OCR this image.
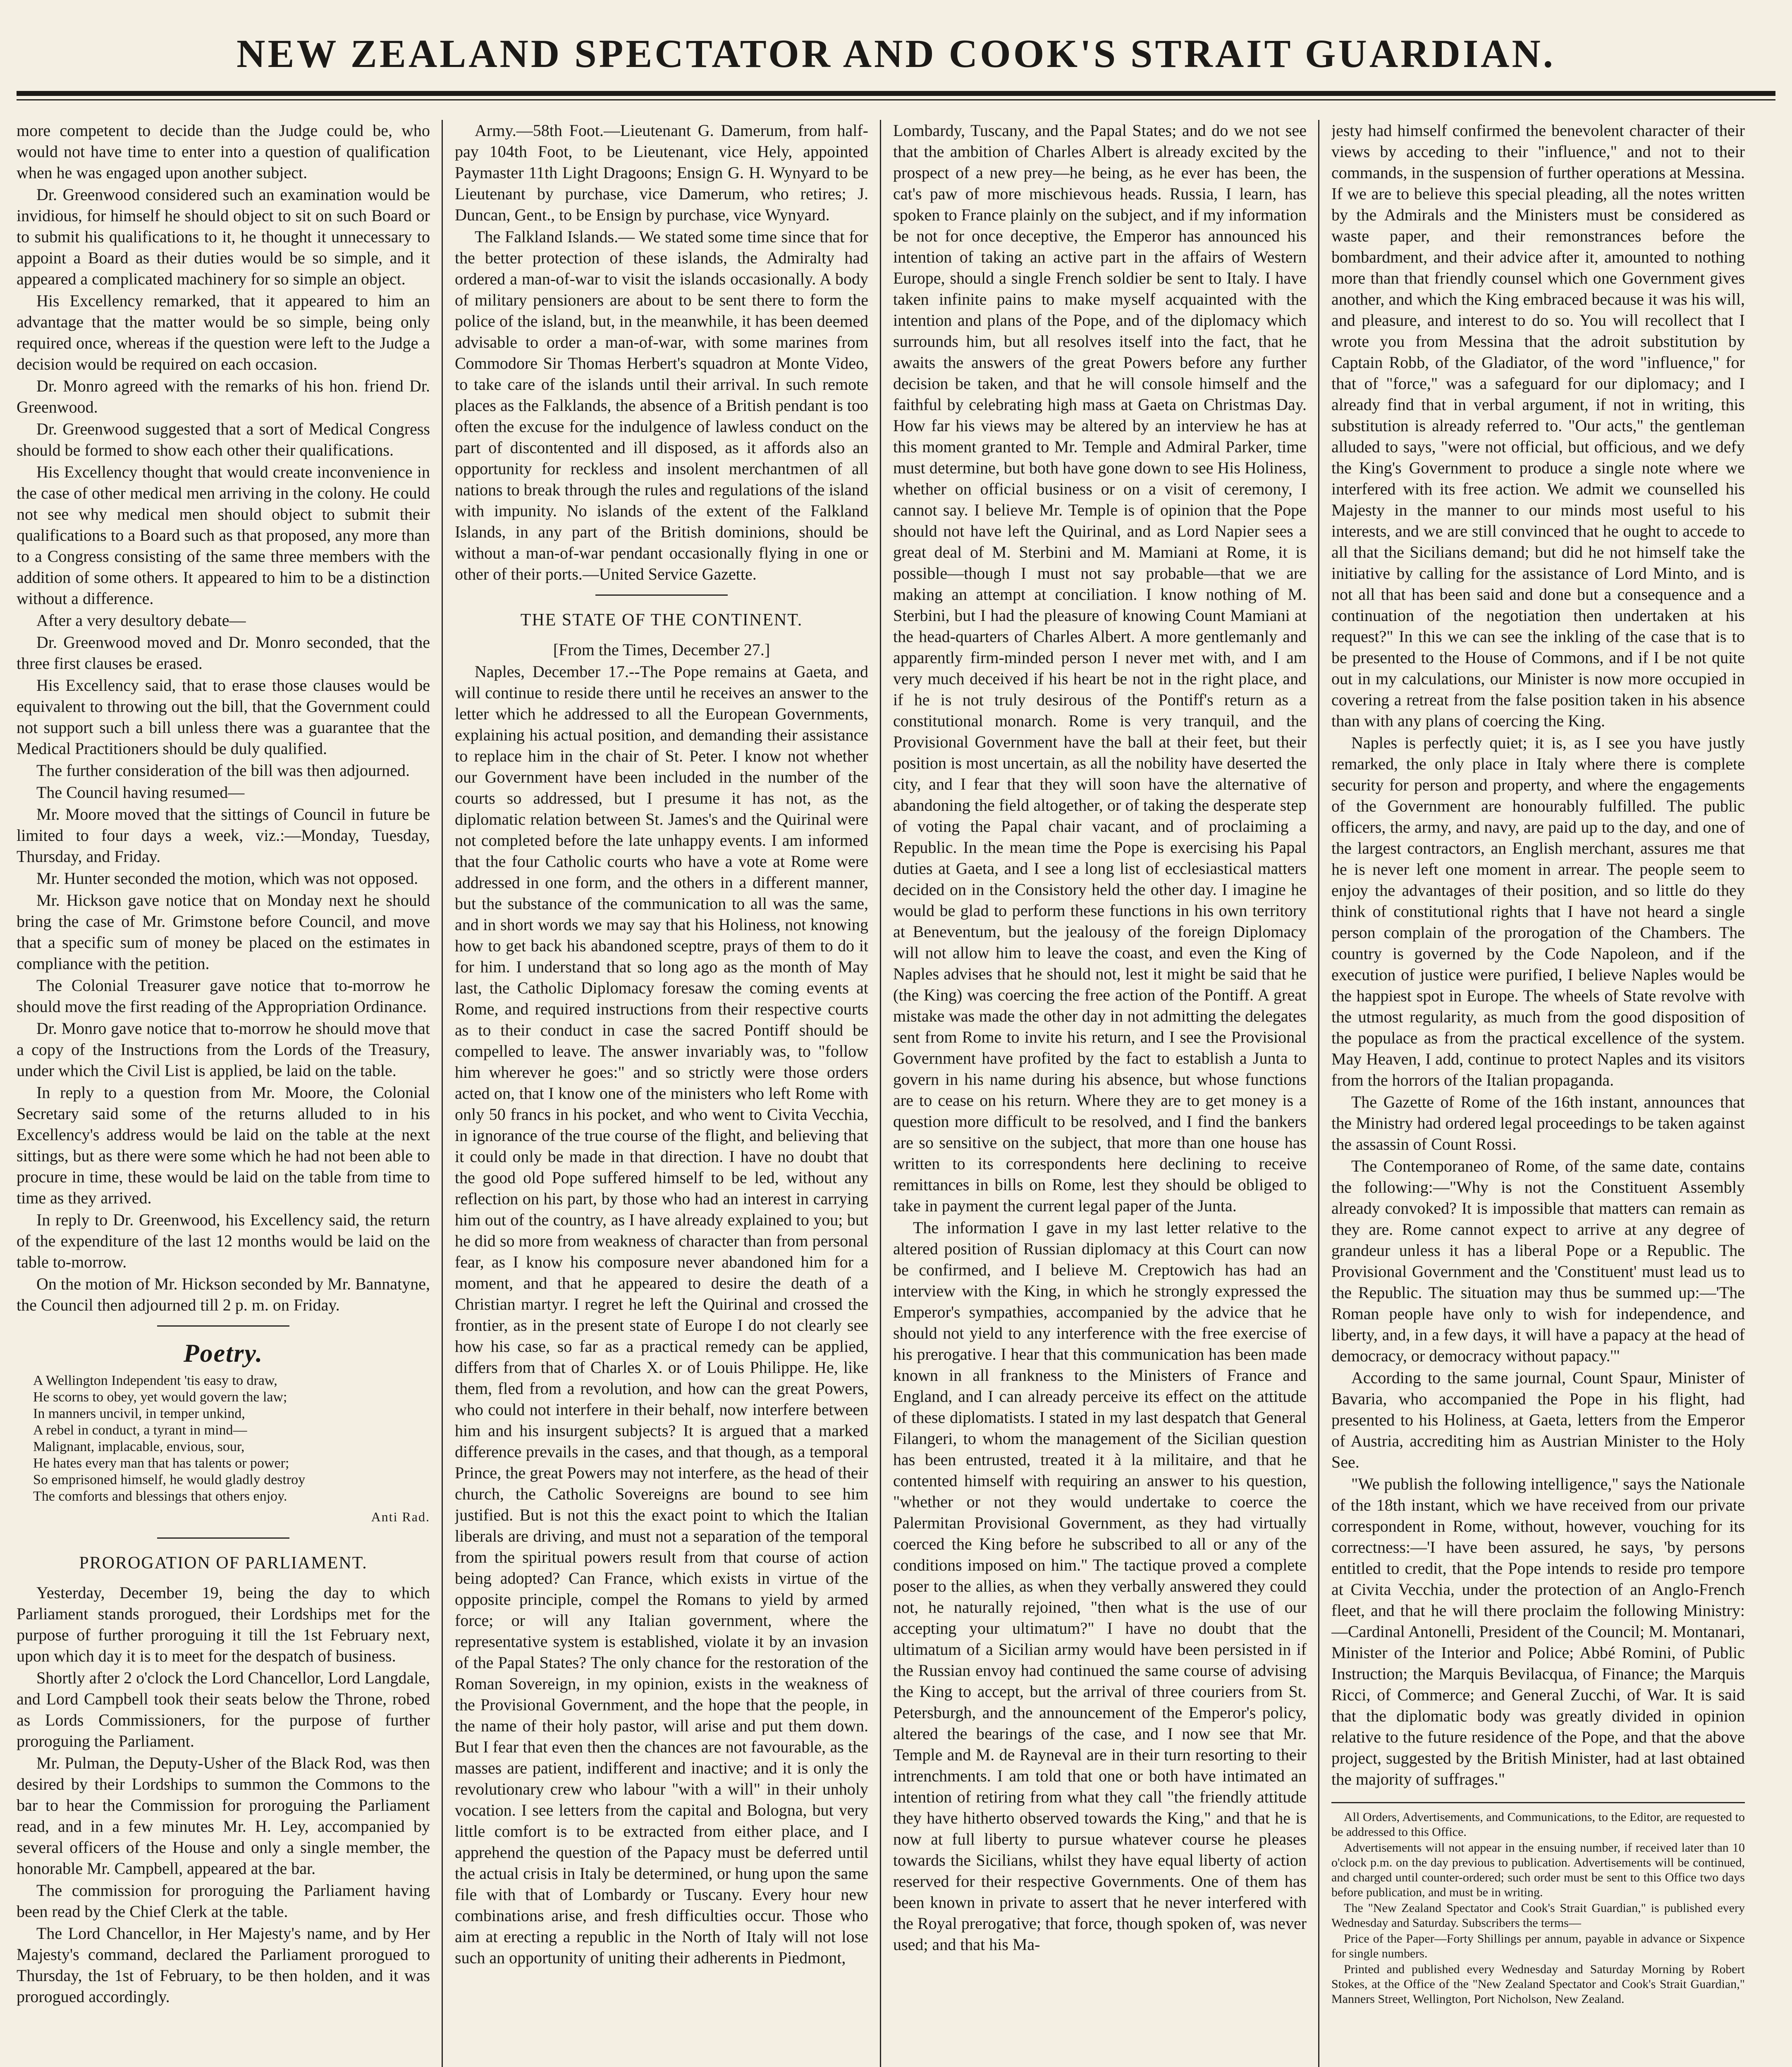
NEW ZEALAND SPECTATOR AND COOK'S STRAIT GUARDIAN.

more competent to decide than the Judge could be, who would not have time to enter into a question of qualification when he was engaged upon another subject.

Dr. Greenwood considered such an examination would be invidious, for himself he should object to sit on such Board or to submit his qualifications to it, he thought it unnecessary to appoint a Board as their duties would be so simple, and it appeared a complicated machinery for so simple an object.

His Excellency remarked, that it appeared to him an advantage that the matter would be so simple, being only required once, whereas if the question were left to the Judge a decision would be required on each occasion.

Dr. Monro agreed with the remarks of his hon. friend Dr. Greenwood.

Dr. Greenwood suggested that a sort of Medical Congress should be formed to show each other their qualifications.

His Excellency thought that would create inconvenience in the case of other medical men arriving in the colony. He could not see why medical men should object to submit their qualifications to a Board such as that proposed, any more than to a Congress consisting of the same three members with the addition of some others. It appeared to him to be a distinction without a difference.

After a very desultory debate—

Dr. Greenwood moved and Dr. Monro seconded, that the three first clauses be erased.

His Excellency said, that to erase those clauses would be equivalent to throwing out the bill, that the Government could not support such a bill unless there was a guarantee that the Medical Practitioners should be duly qualified.

The further consideration of the bill was then adjourned.

The Council having resumed—

Mr. Moore moved that the sittings of Council in future be limited to four days a week, viz.:—Monday, Tuesday, Thursday, and Friday.

Mr. Hunter seconded the motion, which was not opposed.

Mr. Hickson gave notice that on Monday next he should bring the case of Mr. Grimstone before Council, and move that a specific sum of money be placed on the estimates in compliance with the petition.

The Colonial Treasurer gave notice that to-morrow he should move the first reading of the Appropriation Ordinance.

Dr. Monro gave notice that to-morrow he should move that a copy of the Instructions from the Lords of the Treasury, under which the Civil List is applied, be laid on the table.

In reply to a question from Mr. Moore, the Colonial Secretary said some of the returns alluded to in his Excellency's address would be laid on the table at the next sittings, but as there were some which he had not been able to procure in time, these would be laid on the table from time to time as they arrived.

In reply to Dr. Greenwood, his Excellency said, the return of the expenditure of the last 12 months would be laid on the table to-morrow.

On the motion of Mr. Hickson seconded by Mr. Bannatyne, the Council then adjourned till 2 p. m. on Friday.

Poetry.

A Wellington Independent 'tis easy to draw,

He scorns to obey, yet would govern the law;

In manners uncivil, in temper unkind,

A rebel in conduct, a tyrant in mind—

Malignant, implacable, envious, sour,

He hates every man that has talents or power;

So emprisoned himself, he would gladly destroy

The comforts and blessings that others enjoy.

Anti Rad.

PROROGATION OF PARLIAMENT.

Yesterday, December 19, being the day to which Parliament stands prorogued, their Lordships met for the purpose of further proroguing it till the 1st February next, upon which day it is to meet for the despatch of business.

Shortly after 2 o'clock the Lord Chancellor, Lord Langdale, and Lord Campbell took their seats below the Throne, robed as Lords Commissioners, for the purpose of further proroguing the Parliament.

Mr. Pulman, the Deputy-Usher of the Black Rod, was then desired by their Lordships to summon the Commons to the bar to hear the Commission for proroguing the Parliament read, and in a few minutes Mr. H. Ley, accompanied by several officers of the House and only a single member, the honorable Mr. Campbell, appeared at the bar.

The commission for proroguing the Parliament having been read by the Chief Clerk at the table.

The Lord Chancellor, in Her Majesty's name, and by Her Majesty's command, declared the Parliament prorogued to Thursday, the 1st of February, to be then holden, and it was prorogued accordingly.

Army.—58th Foot.—Lieutenant G. Damerum, from half-pay 104th Foot, to be Lieutenant, vice Hely, appointed Paymaster 11th Light Dragoons; Ensign G. H. Wynyard to be Lieutenant by purchase, vice Damerum, who retires; J. Duncan, Gent., to be Ensign by purchase, vice Wynyard.

The Falkland Islands.— We stated some time since that for the better protection of these islands, the Admiralty had ordered a man-of-war to visit the islands occasionally. A body of military pensioners are about to be sent there to form the police of the island, but, in the meanwhile, it has been deemed advisable to order a man-of-war, with some marines from Commodore Sir Thomas Herbert's squadron at Monte Video, to take care of the islands until their arrival. In such remote places as the Falklands, the absence of a British pendant is too often the excuse for the indulgence of lawless conduct on the part of discontented and ill disposed, as it affords also an opportunity for reckless and insolent merchantmen of all nations to break through the rules and regulations of the island with impunity. No islands of the extent of the Falkland Islands, in any part of the British dominions, should be without a man-of-war pendant occasionally flying in one or other of their ports.—United Service Gazette.

THE STATE OF THE CONTINENT.

[From the Times, December 27.]

Naples, December 17.--The Pope remains at Gaeta, and will continue to reside there until he receives an answer to the letter which he addressed to all the European Governments, explaining his actual position, and demanding their assistance to replace him in the chair of St. Peter. I know not whether our Government have been included in the number of the courts so addressed, but I presume it has not, as the diplomatic relation between St. James's and the Quirinal were not completed before the late unhappy events. I am informed that the four Catholic courts who have a vote at Rome were addressed in one form, and the others in a different manner, but the substance of the communication to all was the same, and in short words we may say that his Holiness, not knowing how to get back his abandoned sceptre, prays of them to do it for him. I understand that so long ago as the month of May last, the Catholic Diplomacy foresaw the coming events at Rome, and required instructions from their respective courts as to their conduct in case the sacred Pontiff should be compelled to leave. The answer invariably was, to "follow him wherever he goes:" and so strictly were those orders acted on, that I know one of the ministers who left Rome with only 50 francs in his pocket, and who went to Civita Vecchia, in ignorance of the true course of the flight, and believing that it could only be made in that direction. I have no doubt that the good old Pope suffered himself to be led, without any reflection on his part, by those who had an interest in carrying him out of the country, as I have already explained to you; but he did so more from weakness of character than from personal fear, as I know his composure never abandoned him for a moment, and that he appeared to desire the death of a Christian martyr. I regret he left the Quirinal and crossed the frontier, as in the present state of Europe I do not clearly see how his case, so far as a practical remedy can be applied, differs from that of Charles X. or of Louis Philippe. He, like them, fled from a revolution, and how can the great Powers, who could not interfere in their behalf, now interfere between him and his insurgent subjects? It is argued that a marked difference prevails in the cases, and that though, as a temporal Prince, the great Powers may not interfere, as the head of their church, the Catholic Sovereigns are bound to see him justified. But is not this the exact point to which the Italian liberals are driving, and must not a separation of the temporal from the spiritual powers result from that course of action being adopted? Can France, which exists in virtue of the opposite principle, compel the Romans to yield by armed force; or will any Italian government, where the representative system is established, violate it by an invasion of the Papal States? The only chance for the restoration of the Roman Sovereign, in my opinion, exists in the weakness of the Provisional Government, and the hope that the people, in the name of their holy pastor, will arise and put them down. But I fear that even then the chances are not favourable, as the masses are patient, indifferent and inactive; and it is only the revolutionary crew who labour "with a will" in their unholy vocation. I see letters from the capital and Bologna, but very little comfort is to be extracted from either place, and I apprehend the question of the Papacy must be deferred until the actual crisis in Italy be determined, or hung upon the same file with that of Lombardy or Tuscany. Every hour new combinations arise, and fresh difficulties occur. Those who aim at erecting a republic in the North of Italy will not lose such an opportunity of uniting their adherents in Piedmont,

Lombardy, Tuscany, and the Papal States; and do we not see that the ambition of Charles Albert is already excited by the prospect of a new prey—he being, as he ever has been, the cat's paw of more mischievous heads. Russia, I learn, has spoken to France plainly on the subject, and if my information be not for once deceptive, the Emperor has announced his intention of taking an active part in the affairs of Western Europe, should a single French soldier be sent to Italy. I have taken infinite pains to make myself acquainted with the intention and plans of the Pope, and of the diplomacy which surrounds him, but all resolves itself into the fact, that he awaits the answers of the great Powers before any further decision be taken, and that he will console himself and the faithful by celebrating high mass at Gaeta on Christmas Day. How far his views may be altered by an interview he has at this moment granted to Mr. Temple and Admiral Parker, time must determine, but both have gone down to see His Holiness, whether on official business or on a visit of ceremony, I cannot say. I believe Mr. Temple is of opinion that the Pope should not have left the Quirinal, and as Lord Napier sees a great deal of M. Sterbini and M. Mamiani at Rome, it is possible—though I must not say probable—that we are making an attempt at conciliation. I know nothing of M. Sterbini, but I had the pleasure of knowing Count Mamiani at the head-quarters of Charles Albert. A more gentlemanly and apparently firm-minded person I never met with, and I am very much deceived if his heart be not in the right place, and if he is not truly desirous of the Pontiff's return as a constitutional monarch. Rome is very tranquil, and the Provisional Government have the ball at their feet, but their position is most uncertain, as all the nobility have deserted the city, and I fear that they will soon have the alternative of abandoning the field altogether, or of taking the desperate step of voting the Papal chair vacant, and of proclaiming a Republic. In the mean time the Pope is exercising his Papal duties at Gaeta, and I see a long list of ecclesiastical matters decided on in the Consistory held the other day. I imagine he would be glad to perform these functions in his own territory at Beneventum, but the jealousy of the foreign Diplomacy will not allow him to leave the coast, and even the King of Naples advises that he should not, lest it might be said that he (the King) was coercing the free action of the Pontiff. A great mistake was made the other day in not admitting the delegates sent from Rome to invite his return, and I see the Provisional Government have profited by the fact to establish a Junta to govern in his name during his absence, but whose functions are to cease on his return. Where they are to get money is a question more difficult to be resolved, and I find the bankers are so sensitive on the subject, that more than one house has written to its correspondents here declining to receive remittances in bills on Rome, lest they should be obliged to take in payment the current legal paper of the Junta.

The information I gave in my last letter relative to the altered position of Russian diplomacy at this Court can now be confirmed, and I believe M. Creptowich has had an interview with the King, in which he strongly expressed the Emperor's sympathies, accompanied by the advice that he should not yield to any interference with the free exercise of his prerogative. I hear that this communication has been made known in all frankness to the Ministers of France and England, and I can already perceive its effect on the attitude of these diplomatists. I stated in my last despatch that General Filangeri, to whom the management of the Sicilian question has been entrusted, treated it à la militaire, and that he contented himself with requiring an answer to his question, "whether or not they would undertake to coerce the Palermitan Provisional Government, as they had virtually coerced the King before he subscribed to all or any of the conditions imposed on him." The tactique proved a complete poser to the allies, as when they verbally answered they could not, he naturally rejoined, "then what is the use of our accepting your ultimatum?" I have no doubt that the ultimatum of a Sicilian army would have been persisted in if the Russian envoy had continued the same course of advising the King to accept, but the arrival of three couriers from St. Petersburgh, and the announcement of the Emperor's policy, altered the bearings of the case, and I now see that Mr. Temple and M. de Rayneval are in their turn resorting to their intrenchments. I am told that one or both have intimated an intention of retiring from what they call "the friendly attitude they have hitherto observed towards the King," and that he is now at full liberty to pursue whatever course he pleases towards the Sicilians, whilst they have equal liberty of action reserved for their respective Governments. One of them has been known in private to assert that he never interfered with the Royal prerogative; that force, though spoken of, was never used; and that his Ma-

jesty had himself confirmed the benevolent character of their views by acceding to their "influence," and not to their commands, in the suspension of further operations at Messina. If we are to believe this special pleading, all the notes written by the Admirals and the Ministers must be considered as waste paper, and their remonstrances before the bombardment, and their advice after it, amounted to nothing more than that friendly counsel which one Government gives another, and which the King embraced because it was his will, and pleasure, and interest to do so. You will recollect that I wrote you from Messina that the adroit substitution by Captain Robb, of the Gladiator, of the word "influence," for that of "force," was a safeguard for our diplomacy; and I already find that in verbal argument, if not in writing, this substitution is already referred to. "Our acts," the gentleman alluded to says, "were not official, but officious, and we defy the King's Government to produce a single note where we interfered with its free action. We admit we counselled his Majesty in the manner to our minds most useful to his interests, and we are still convinced that he ought to accede to all that the Sicilians demand; but did he not himself take the initiative by calling for the assistance of Lord Minto, and is not all that has been said and done but a consequence and a continuation of the negotiation then undertaken at his request?" In this we can see the inkling of the case that is to be presented to the House of Commons, and if I be not quite out in my calculations, our Minister is now more occupied in covering a retreat from the false position taken in his absence than with any plans of coercing the King.

Naples is perfectly quiet; it is, as I see you have justly remarked, the only place in Italy where there is complete security for person and property, and where the engagements of the Government are honourably fulfilled. The public officers, the army, and navy, are paid up to the day, and one of the largest contractors, an English merchant, assures me that he is never left one moment in arrear. The people seem to enjoy the advantages of their position, and so little do they think of constitutional rights that I have not heard a single person complain of the prorogation of the Chambers. The country is governed by the Code Napoleon, and if the execution of justice were purified, I believe Naples would be the happiest spot in Europe. The wheels of State revolve with the utmost regularity, as much from the good disposition of the populace as from the practical excellence of the system. May Heaven, I add, continue to protect Naples and its visitors from the horrors of the Italian propaganda.

The Gazette of Rome of the 16th instant, announces that the Ministry had ordered legal proceedings to be taken against the assassin of Count Rossi.

The Contemporaneo of Rome, of the same date, contains the following:—"Why is not the Constituent Assembly already convoked? It is impossible that matters can remain as they are. Rome cannot expect to arrive at any degree of grandeur unless it has a liberal Pope or a Republic. The Provisional Government and the 'Constituent' must lead us to the Republic. The situation may thus be summed up:—'The Roman people have only to wish for independence, and liberty, and, in a few days, it will have a papacy at the head of democracy, or democracy without papacy.'"

According to the same journal, Count Spaur, Minister of Bavaria, who accompanied the Pope in his flight, had presented to his Holiness, at Gaeta, letters from the Emperor of Austria, accrediting him as Austrian Minister to the Holy See.

"We publish the following intelligence," says the Nationale of the 18th instant, which we have received from our private correspondent in Rome, without, however, vouching for its correctness:—'I have been assured, he says, 'by persons entitled to credit, that the Pope intends to reside pro tempore at Civita Vecchia, under the protection of an Anglo-French fleet, and that he will there proclaim the following Ministry:—Cardinal Antonelli, President of the Council; M. Montanari, Minister of the Interior and Police; Abbé Romini, of Public Instruction; the Marquis Bevilacqua, of Finance; the Marquis Ricci, of Commerce; and General Zucchi, of War. It is said that the diplomatic body was greatly divided in opinion relative to the future residence of the Pope, and that the above project, suggested by the British Minister, had at last obtained the majority of suffrages."

All Orders, Advertisements, and Communications, to the Editor, are requested to be addressed to this Office.

Advertisements will not appear in the ensuing number, if received later than 10 o'clock p.m. on the day previous to publication. Advertisements will be continued, and charged until counter-ordered; such order must be sent to this Office two days before publication, and must be in writing.

The "New Zealand Spectator and Cook's Strait Guardian," is published every Wednesday and Saturday. Subscribers the terms—

Price of the Paper—Forty Shillings per annum, payable in advance or Sixpence for single numbers.

Printed and published every Wednesday and Saturday Morning by Robert Stokes, at the Office of the "New Zealand Spectator and Cook's Strait Guardian," Manners Street, Wellington, Port Nicholson, New Zealand.
